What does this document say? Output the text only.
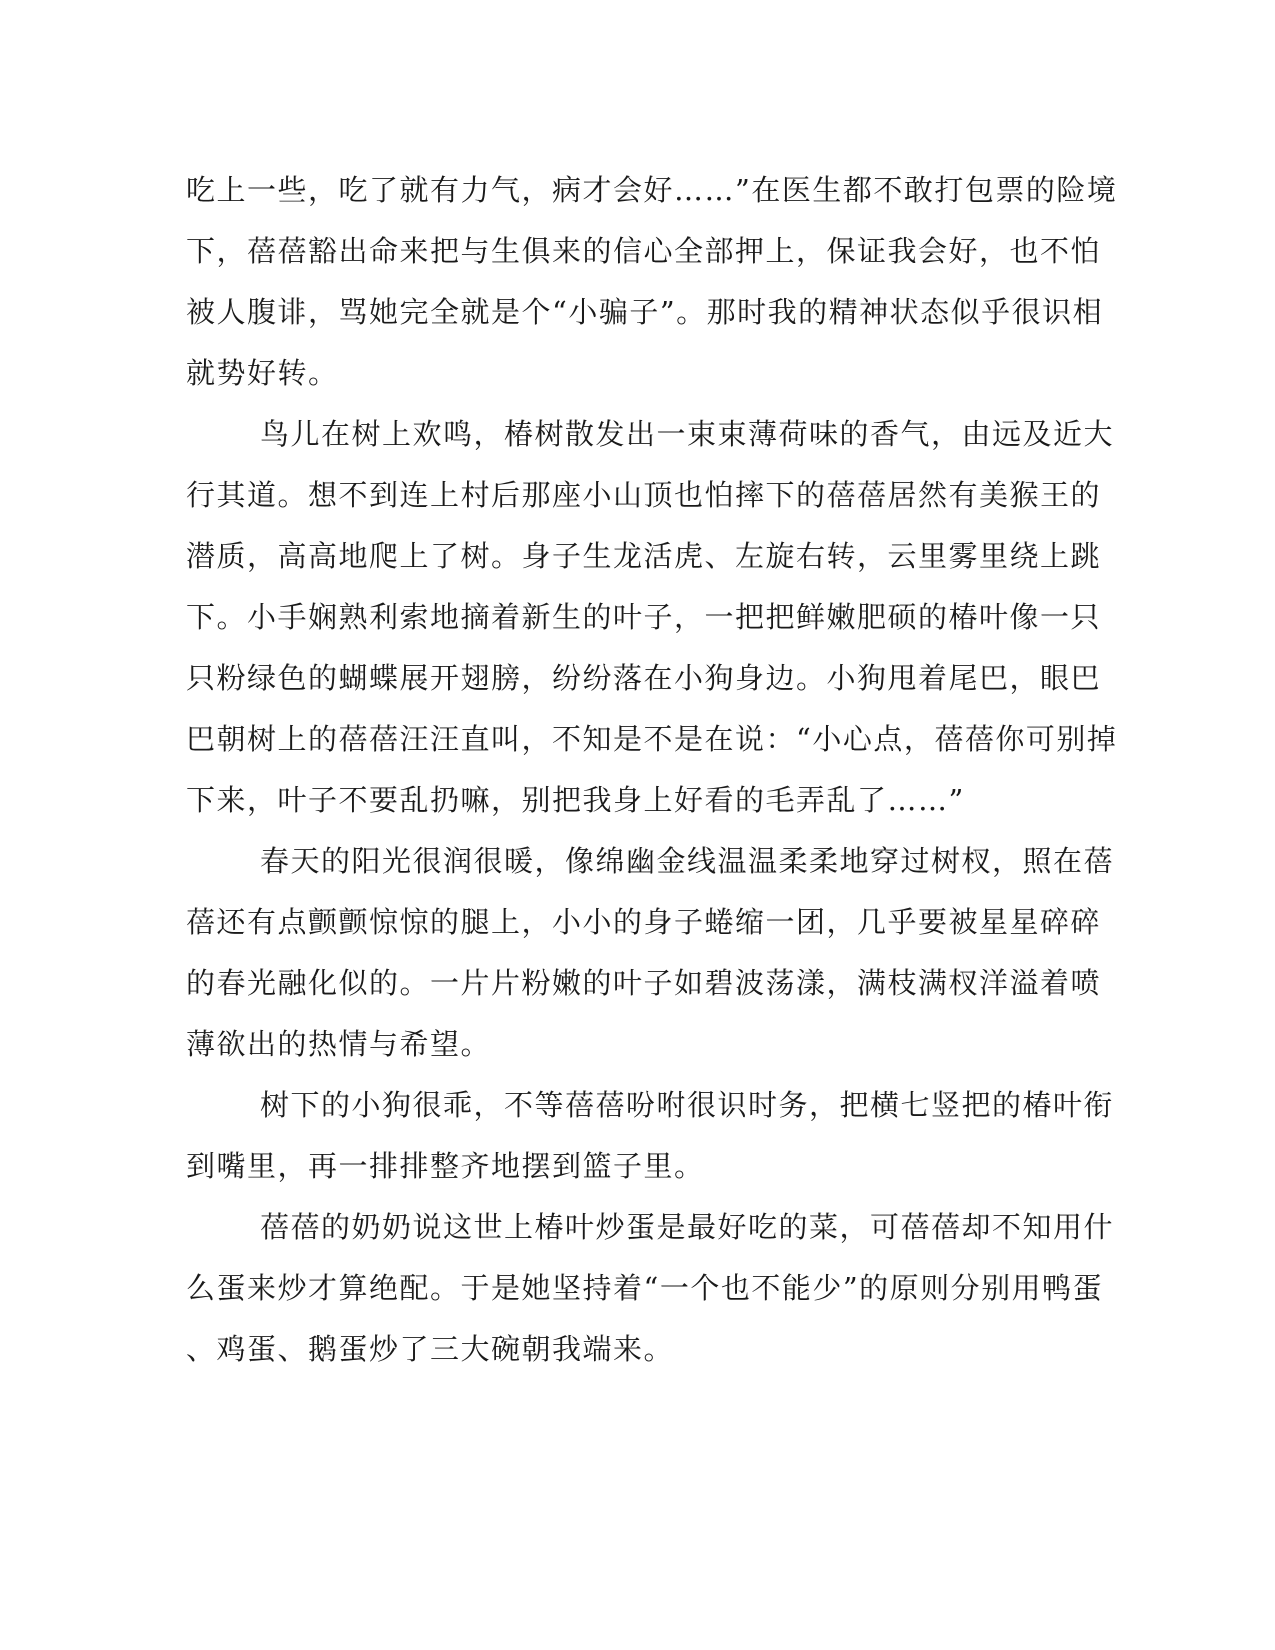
吃上一些，吃了就有力气，病才会好……”在医生都不敢打包票的险境
下，蓓蓓豁出命来把与生俱来的信心全部押上，保证我会好，也不怕
被人腹诽，骂她完全就是个“小骗子”。那时我的精神状态似乎很识相
就势好转。
鸟儿在树上欢鸣，椿树散发出一束束薄荷味的香气，由远及近大
行其道。想不到连上村后那座小山顶也怕摔下的蓓蓓居然有美猴王的
潜质，高高地爬上了树。身子生龙活虎、左旋右转，云里雾里绕上跳
下。小手娴熟利索地摘着新生的叶子，一把把鲜嫩肥硕的椿叶像一只
只粉绿色的蝴蝶展开翅膀，纷纷落在小狗身边。小狗甩着尾巴，眼巴
巴朝树上的蓓蓓汪汪直叫，不知是不是在说：“小心点，蓓蓓你可别掉
下来，叶子不要乱扔嘛，别把我身上好看的毛弄乱了……”
春天的阳光很润很暖，像绵幽金线温温柔柔地穿过树杈，照在蓓
蓓还有点颤颤惊惊的腿上，小小的身子蜷缩一团，几乎要被星星碎碎
的春光融化似的。一片片粉嫩的叶子如碧波荡漾，满枝满杈洋溢着喷
薄欲出的热情与希望。
树下的小狗很乖，不等蓓蓓吩咐很识时务，把横七竖把的椿叶衔
到嘴里，再一排排整齐地摆到篮子里。
蓓蓓的奶奶说这世上椿叶炒蛋是最好吃的菜，可蓓蓓却不知用什
么蛋来炒才算绝配。于是她坚持着“一个也不能少”的原则分别用鸭蛋
、鸡蛋、鹅蛋炒了三大碗朝我端来。
